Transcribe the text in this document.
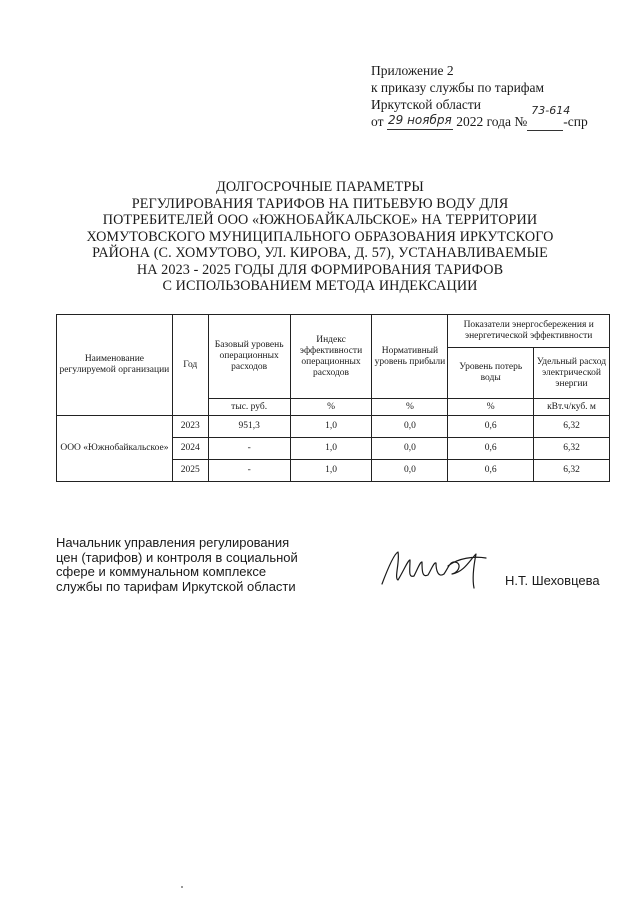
Приложение 2
к приказу службы по тарифам
Иркутской области
от 29 ноября 2022 года №
73-614
-спр
ДОЛГОСРОЧНЫЕ ПАРАМЕТРЫ
РЕГУЛИРОВАНИЯ ТАРИФОВ НА ПИТЬЕВУЮ ВОДУ ДЛЯ
ПОТРЕБИТЕЛЕЙ ООО «ЮЖНОБАЙКАЛЬСКОЕ» НА ТЕРРИТОРИИ
ХОМУТОВСКОГО МУНИЦИПАЛЬНОГО ОБРАЗОВАНИЯ ИРКУТСКОГО
РАЙОНА (С. ХОМУТОВО, УЛ. КИРОВА, Д. 57), УСТАНАВЛИВАЕМЫЕ
НА 2023 - 2025 ГОДЫ ДЛЯ ФОРМИРОВАНИЯ ТАРИФОВ
С ИСПОЛЬЗОВАНИЕМ МЕТОДА ИНДЕКСАЦИИ
Наименование регулируемой организации	Год	Базовый уровень операционных расходов	Индекс эффективности операционных расходов	Нормативный уровень прибыли	Показатели энергосбережения и энергетической эффективности	
					Уровень потерь воды	Удельный расход электрической энергии
		тыс. руб.	%	%	%	кВт.ч/куб. м
ООО «Южнобайкальское»	2023	951,3	1,0	0,0	0,6	6,32
	2024	-	1,0	0,0	0,6	6,32
	2025	-	1,0	0,0	0,6	6,32
Начальник управления регулирования
цен (тарифов) и контроля в социальной
сфере и коммунальном комплексе
службы по тарифам Иркутской области	Н.Т. Шеховцева
